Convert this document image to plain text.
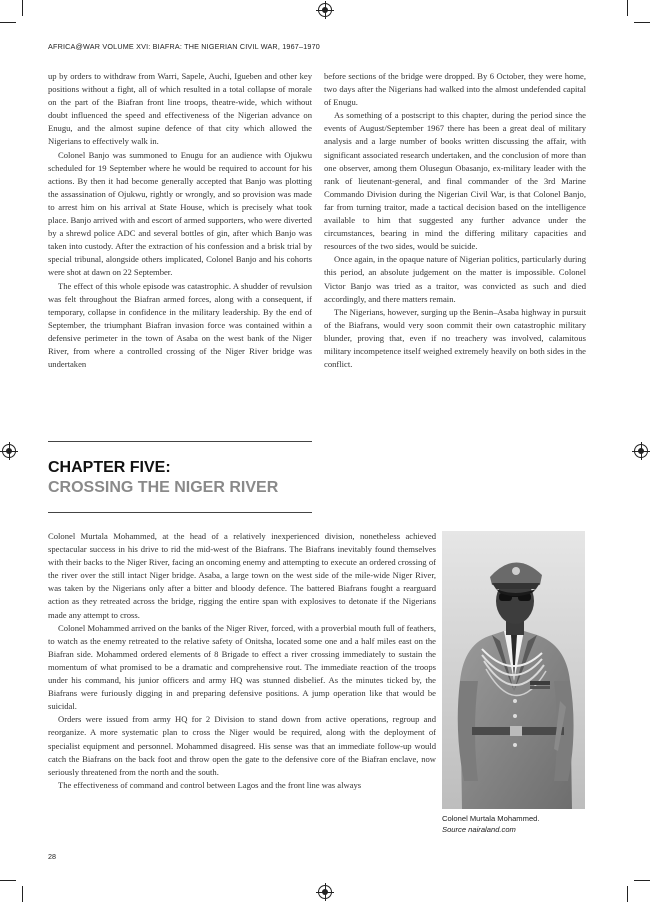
AFRICA@WAR VOLUME XVI: BIAFRA: THE NIGERIAN CIVIL WAR, 1967–1970

up by orders to withdraw from Warri, Sapele, Auchi, Igueben and other key positions without a fight, all of which resulted in a total collapse of morale on the part of the Biafran front line troops, theatre-wide, which without doubt influenced the speed and effectiveness of the Nigerian advance on Enugu, and the almost supine defence of that city which allowed the Nigerians to effectively walk in.

Colonel Banjo was summoned to Enugu for an audience with Ojukwu scheduled for 19 September where he would be required to account for his actions. By then it had become generally accepted that Banjo was plotting the assassination of Ojukwu, rightly or wrongly, and so provision was made to arrest him on his arrival at State House, which is precisely what took place. Banjo arrived with and escort of armed supporters, who were diverted by a shrewd police ADC and several bottles of gin, after which Banjo was taken into custody. After the extraction of his confession and a brisk trial by special tribunal, alongside others implicated, Colonel Banjo and his cohorts were shot at dawn on 22 September.

The effect of this whole episode was catastrophic. A shudder of revulsion was felt throughout the Biafran armed forces, along with a consequent, if temporary, collapse in confidence in the military leadership. By the end of September, the triumphant Biafran invasion force was contained within a defensive perimeter in the town of Asaba on the west bank of the Niger River, from where a controlled crossing of the Niger River bridge was undertaken

before sections of the bridge were dropped. By 6 October, they were home, two days after the Nigerians had walked into the almost undefended capital of Enugu.

As something of a postscript to this chapter, during the period since the events of August/September 1967 there has been a great deal of military analysis and a large number of books written discussing the affair, with significant associated research undertaken, and the conclusion of more than one observer, among them Olusegun Obasanjo, ex-military leader with the rank of lieutenant-general, and final commander of the 3rd Marine Commando Division during the Nigerian Civil War, is that Colonel Banjo, far from turning traitor, made a tactical decision based on the intelligence available to him that suggested any further advance under the circumstances, bearing in mind the differing military capacities and resources of the two sides, would be suicide.

Once again, in the opaque nature of Nigerian politics, particularly during this period, an absolute judgement on the matter is impossible. Colonel Victor Banjo was tried as a traitor, was convicted as such and died accordingly, and there matters remain.

The Nigerians, however, surging up the Benin–Asaba highway in pursuit of the Biafrans, would very soon commit their own catastrophic military blunder, proving that, even if no treachery was involved, calamitous military incompetence itself weighed extremely heavily on both sides in the conflict.

CHAPTER FIVE:
CROSSING THE NIGER RIVER

Colonel Murtala Mohammed, at the head of a relatively inexperienced division, nonetheless achieved spectacular success in his drive to rid the mid-west of the Biafrans. The Biafrans inevitably found themselves with their backs to the Niger River, facing an oncoming enemy and attempting to execute an ordered crossing of the river over the still intact Niger bridge. Asaba, a large town on the west side of the mile-wide Niger River, was taken by the Nigerians only after a bitter and bloody defence. The battered Biafrans fought a rearguard action as they retreated across the bridge, rigging the entire span with explosives to detonate if the Nigerians made any attempt to cross.

Colonel Mohammed arrived on the banks of the Niger River, forced, with a proverbial mouth full of feathers, to watch as the enemy retreated to the relative safety of Onitsha, located some one and a half miles east on the Biafran side. Mohammed ordered elements of 8 Brigade to effect a river crossing immediately to sustain the momentum of what promised to be a dramatic and comprehensive rout. The immediate reaction of the troops under his command, his junior officers and army HQ was stunned disbelief. As the minutes ticked by, the Biafrans were furiously digging in and preparing defensive positions. A jump operation like that would be suicidal.

Orders were issued from army HQ for 2 Division to stand down from active operations, regroup and reorganize. A more systematic plan to cross the Niger would be required, along with the deployment of specialist equipment and personnel. Mohammed disagreed. His sense was that an immediate follow-up would catch the Biafrans on the back foot and throw open the gate to the defensive core of the Biafran enclave, now seriously threatened from the north and the south.

The effectiveness of command and control between Lagos and the front line was always

Colonel Murtala Mohammed.
Source nairaland.com
28
